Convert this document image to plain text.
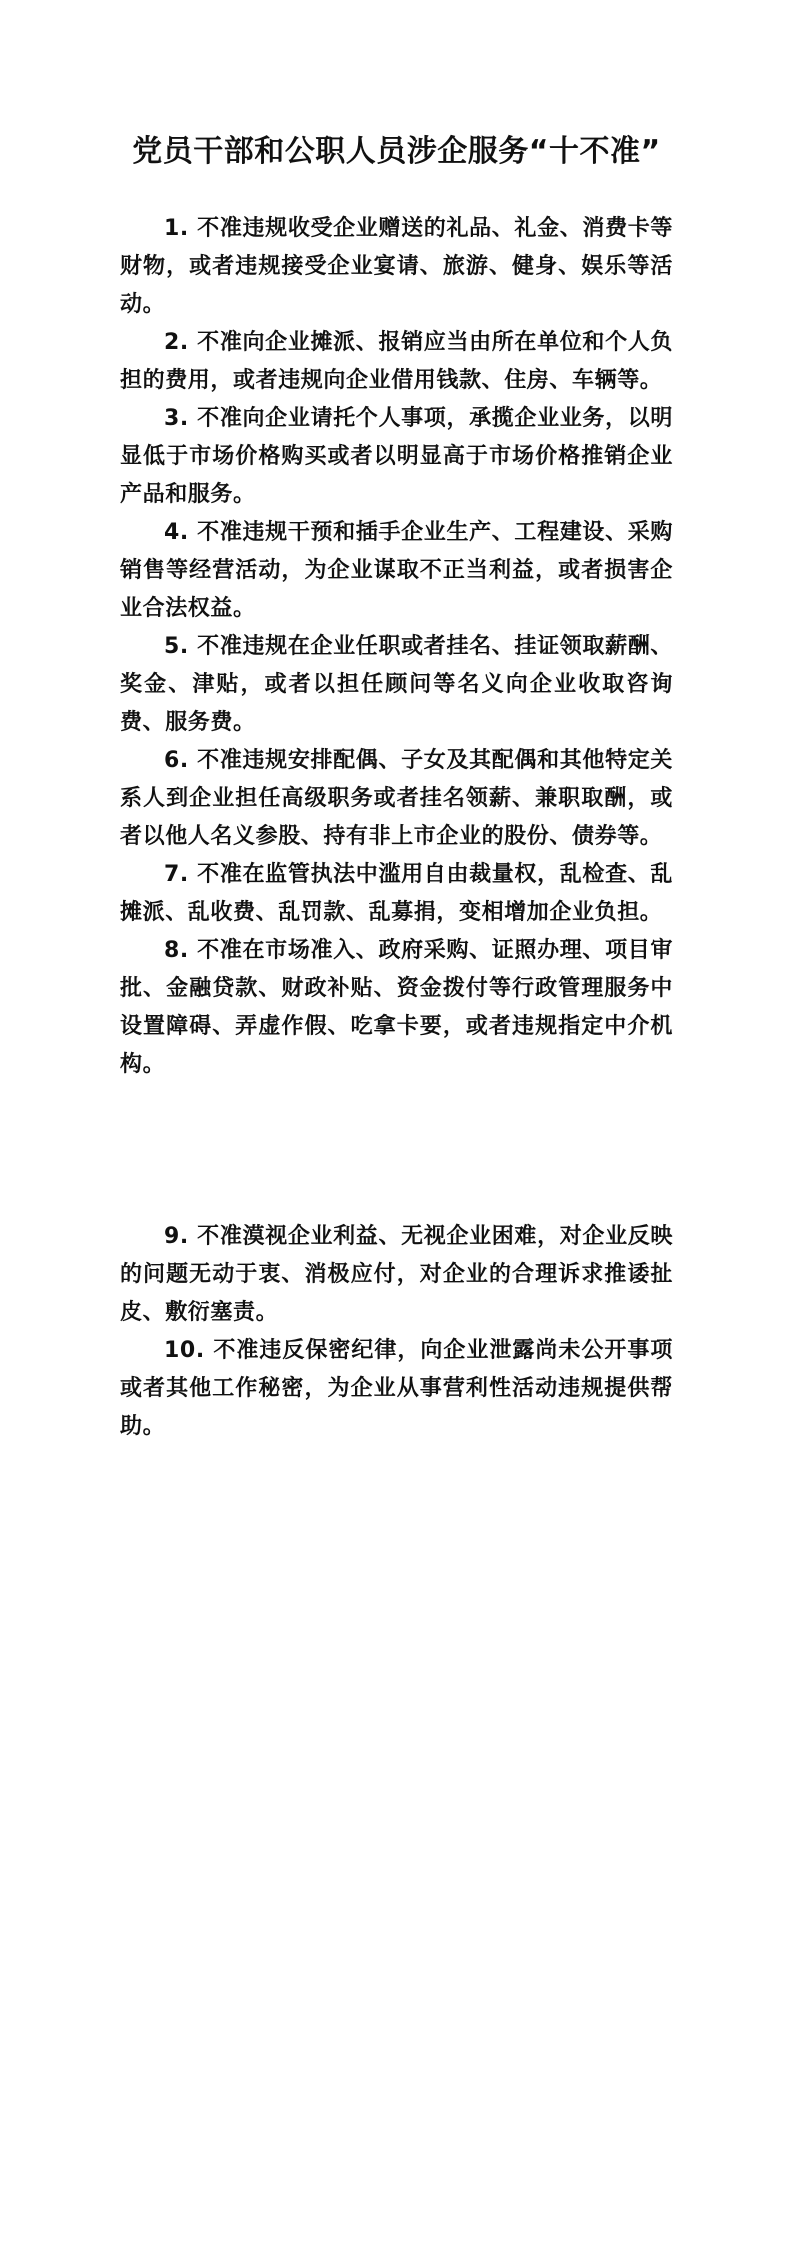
党员干部和公职人员涉企服务“十不准”

1. 不准违规收受企业赠送的礼品、礼金、消费卡等财物，或者违规接受企业宴请、旅游、健身、娱乐等活动。

2. 不准向企业摊派、报销应当由所在单位和个人负担的费用，或者违规向企业借用钱款、住房、车辆等。

3. 不准向企业请托个人事项，承揽企业业务，以明显低于市场价格购买或者以明显高于市场价格推销企业产品和服务。

4. 不准违规干预和插手企业生产、工程建设、采购销售等经营活动，为企业谋取不正当利益，或者损害企业合法权益。

5. 不准违规在企业任职或者挂名、挂证领取薪酬、奖金、津贴，或者以担任顾问等名义向企业收取咨询费、服务费。

6. 不准违规安排配偶、子女及其配偶和其他特定关系人到企业担任高级职务或者挂名领薪、兼职取酬，或者以他人名义参股、持有非上市企业的股份、债券等。

7. 不准在监管执法中滥用自由裁量权，乱检查、乱摊派、乱收费、乱罚款、乱募捐，变相增加企业负担。

8. 不准在市场准入、政府采购、证照办理、项目审批、金融贷款、财政补贴、资金拨付等行政管理服务中设置障碍、弄虚作假、吃拿卡要，或者违规指定中介机构。

9. 不准漠视企业利益、无视企业困难，对企业反映的问题无动于衷、消极应付，对企业的合理诉求推诿扯皮、敷衍塞责。

10. 不准违反保密纪律，向企业泄露尚未公开事项或者其他工作秘密，为企业从事营利性活动违规提供帮助。
